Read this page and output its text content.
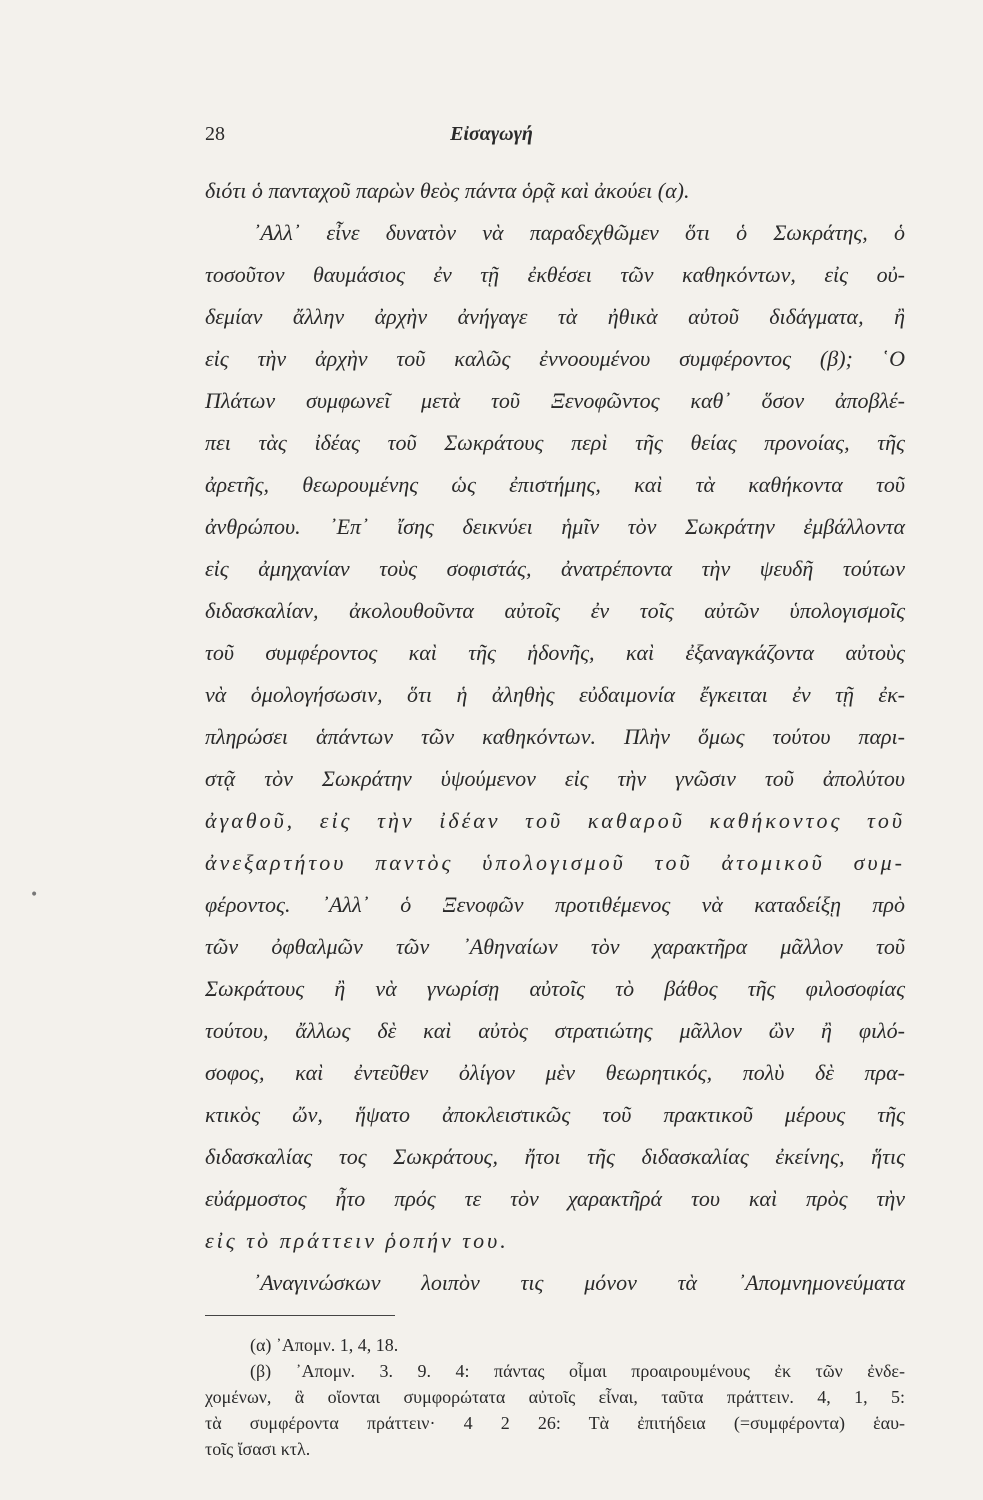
28	Εἰσαγωγή
διότι ὁ πανταχοῦ παρὼν θεὸς πάντα ὁρᾷ καὶ ἀκούει (α).
᾿Αλλ᾿ εἶνε δυνατὸν νὰ παραδεχθῶμεν ὅτι ὁ Σωκράτης, ὁ
τοσοῦτον θαυμάσιος ἐν τῇ ἐκθέσει τῶν καθηκόντων, εἰς οὐ-
δεμίαν ἄλλην ἀρχὴν ἀνήγαγε τὰ ἠθικὰ αὐτοῦ διδάγματα, ἢ
εἰς τὴν ἀρχὴν τοῦ καλῶς ἐννοουμένου συμφέροντος (β); ῾Ο
Πλάτων συμφωνεῖ μετὰ τοῦ Ξενοφῶντος καθ᾿ ὅσον ἀποβλέ-
πει τὰς ἰδέας τοῦ Σωκράτους περὶ τῆς θείας προνοίας, τῆς
ἀρετῆς, θεωρουμένης ὡς ἐπιστήμης, καὶ τὰ καθήκοντα τοῦ
ἀνθρώπου. ᾿Επ᾿ ἴσης δεικνύει ἡμῖν τὸν Σωκράτην ἐμβάλλοντα
εἰς ἀμηχανίαν τοὺς σοφιστάς, ἀνατρέποντα τὴν ψευδῆ τούτων
διδασκαλίαν, ἀκολουθοῦντα αὐτοῖς ἐν τοῖς αὐτῶν ὑπολογισμοῖς
τοῦ συμφέροντος καὶ τῆς ἡδονῆς, καὶ ἐξαναγκάζοντα αὐτοὺς
νὰ ὁμολογήσωσιν, ὅτι ἡ ἀληθὴς εὐδαιμονία ἔγκειται ἐν τῇ ἐκ-
πληρώσει ἁπάντων τῶν καθηκόντων. Πλὴν ὅμως τούτου παρι-
στᾷ τὸν Σωκράτην ὑψούμενον εἰς τὴν γνῶσιν τοῦ ἀπολύτου
ἀγαθοῦ, εἰς τὴν ἰδέαν τοῦ καθαροῦ καθήκοντος τοῦ
ἀνεξαρτήτου παντὸς ὑπολογισμοῦ τοῦ ἀτομικοῦ συμ-
φέροντος. ᾿Αλλ᾿ ὁ Ξενοφῶν προτιθέμενος νὰ καταδείξῃ πρὸ
τῶν ὀφθαλμῶν τῶν ᾿Αθηναίων τὸν χαρακτῆρα μᾶλλον τοῦ
Σωκράτους ἢ νὰ γνωρίσῃ αὐτοῖς τὸ βάθος τῆς φιλοσοφίας
τούτου, ἄλλως δὲ καὶ αὐτὸς στρατιώτης μᾶλλον ὢν ἢ φιλό-
σοφος, καὶ ἐντεῦθεν ὀλίγον μὲν θεωρητικός, πολὺ δὲ πρα-
κτικὸς ὤν, ἥψατο ἀποκλειστικῶς τοῦ πρακτικοῦ μέρους τῆς
διδασκαλίας τος Σωκράτους, ἤτοι τῆς διδασκαλίας ἐκείνης, ἥτις
εὐάρμοστος ἦτο πρός τε τὸν χαρακτῆρά του καὶ πρὸς τὴν
εἰς τὸ πράττειν ῥοπήν του.
᾿Αναγινώσκων λοιπὸν τις μόνον τὰ ᾿Απομνημονεύματα
(α) ᾿Απομν. 1, 4, 18.
(β) ᾿Απομν. 3. 9. 4: πάντας οἶμαι προαιρουμένους ἐκ τῶν ἐνδε-
χομένων, ἃ οἴονται συμφορώτατα αὐτοῖς εἶναι, ταῦτα πράττειν. 4, 1, 5:
τὰ συμφέροντα πράττειν· 4 2 26: Τὰ ἐπιτήδεια (=συμφέροντα) ἑαυ-
τοῖς ἴσασι κτλ.
•
